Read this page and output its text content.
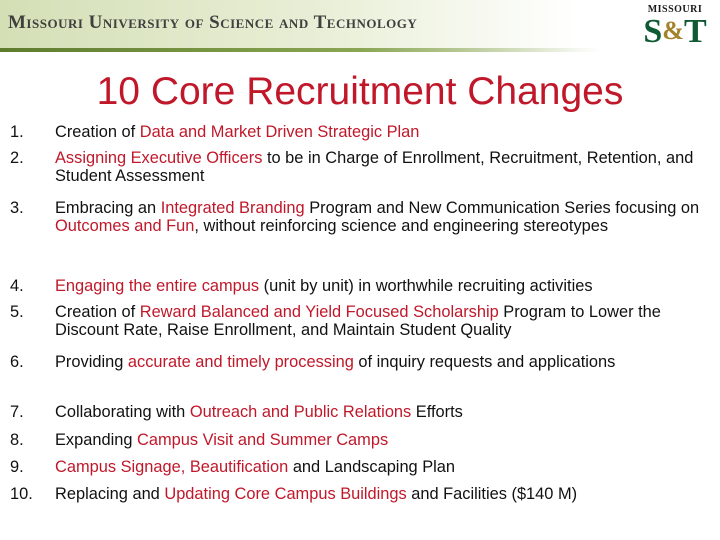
Missouri University of Science and Technology
MISSOURI
S&T
10 Core Recruitment Changes
1.	Creation of Data and Market Driven Strategic Plan
2.	Assigning Executive Officers to be in Charge of Enrollment, Recruitment, Retention, and Student Assessment
3.	Embracing an Integrated Branding Program and New Communication Series focusing on Outcomes and Fun, without reinforcing science and engineering stereotypes
4.	Engaging the entire campus (unit by unit) in worthwhile recruiting activities
5.	Creation of Reward Balanced and Yield Focused Scholarship Program to Lower the Discount Rate, Raise Enrollment, and Maintain Student Quality
6.	Providing accurate and timely processing of inquiry requests and applications
7.	Collaborating with Outreach and Public Relations Efforts
8.	Expanding Campus Visit and Summer Camps
9.	Campus Signage, Beautification and Landscaping Plan
10.	Replacing and Updating Core Campus Buildings and Facilities ($140 M)
